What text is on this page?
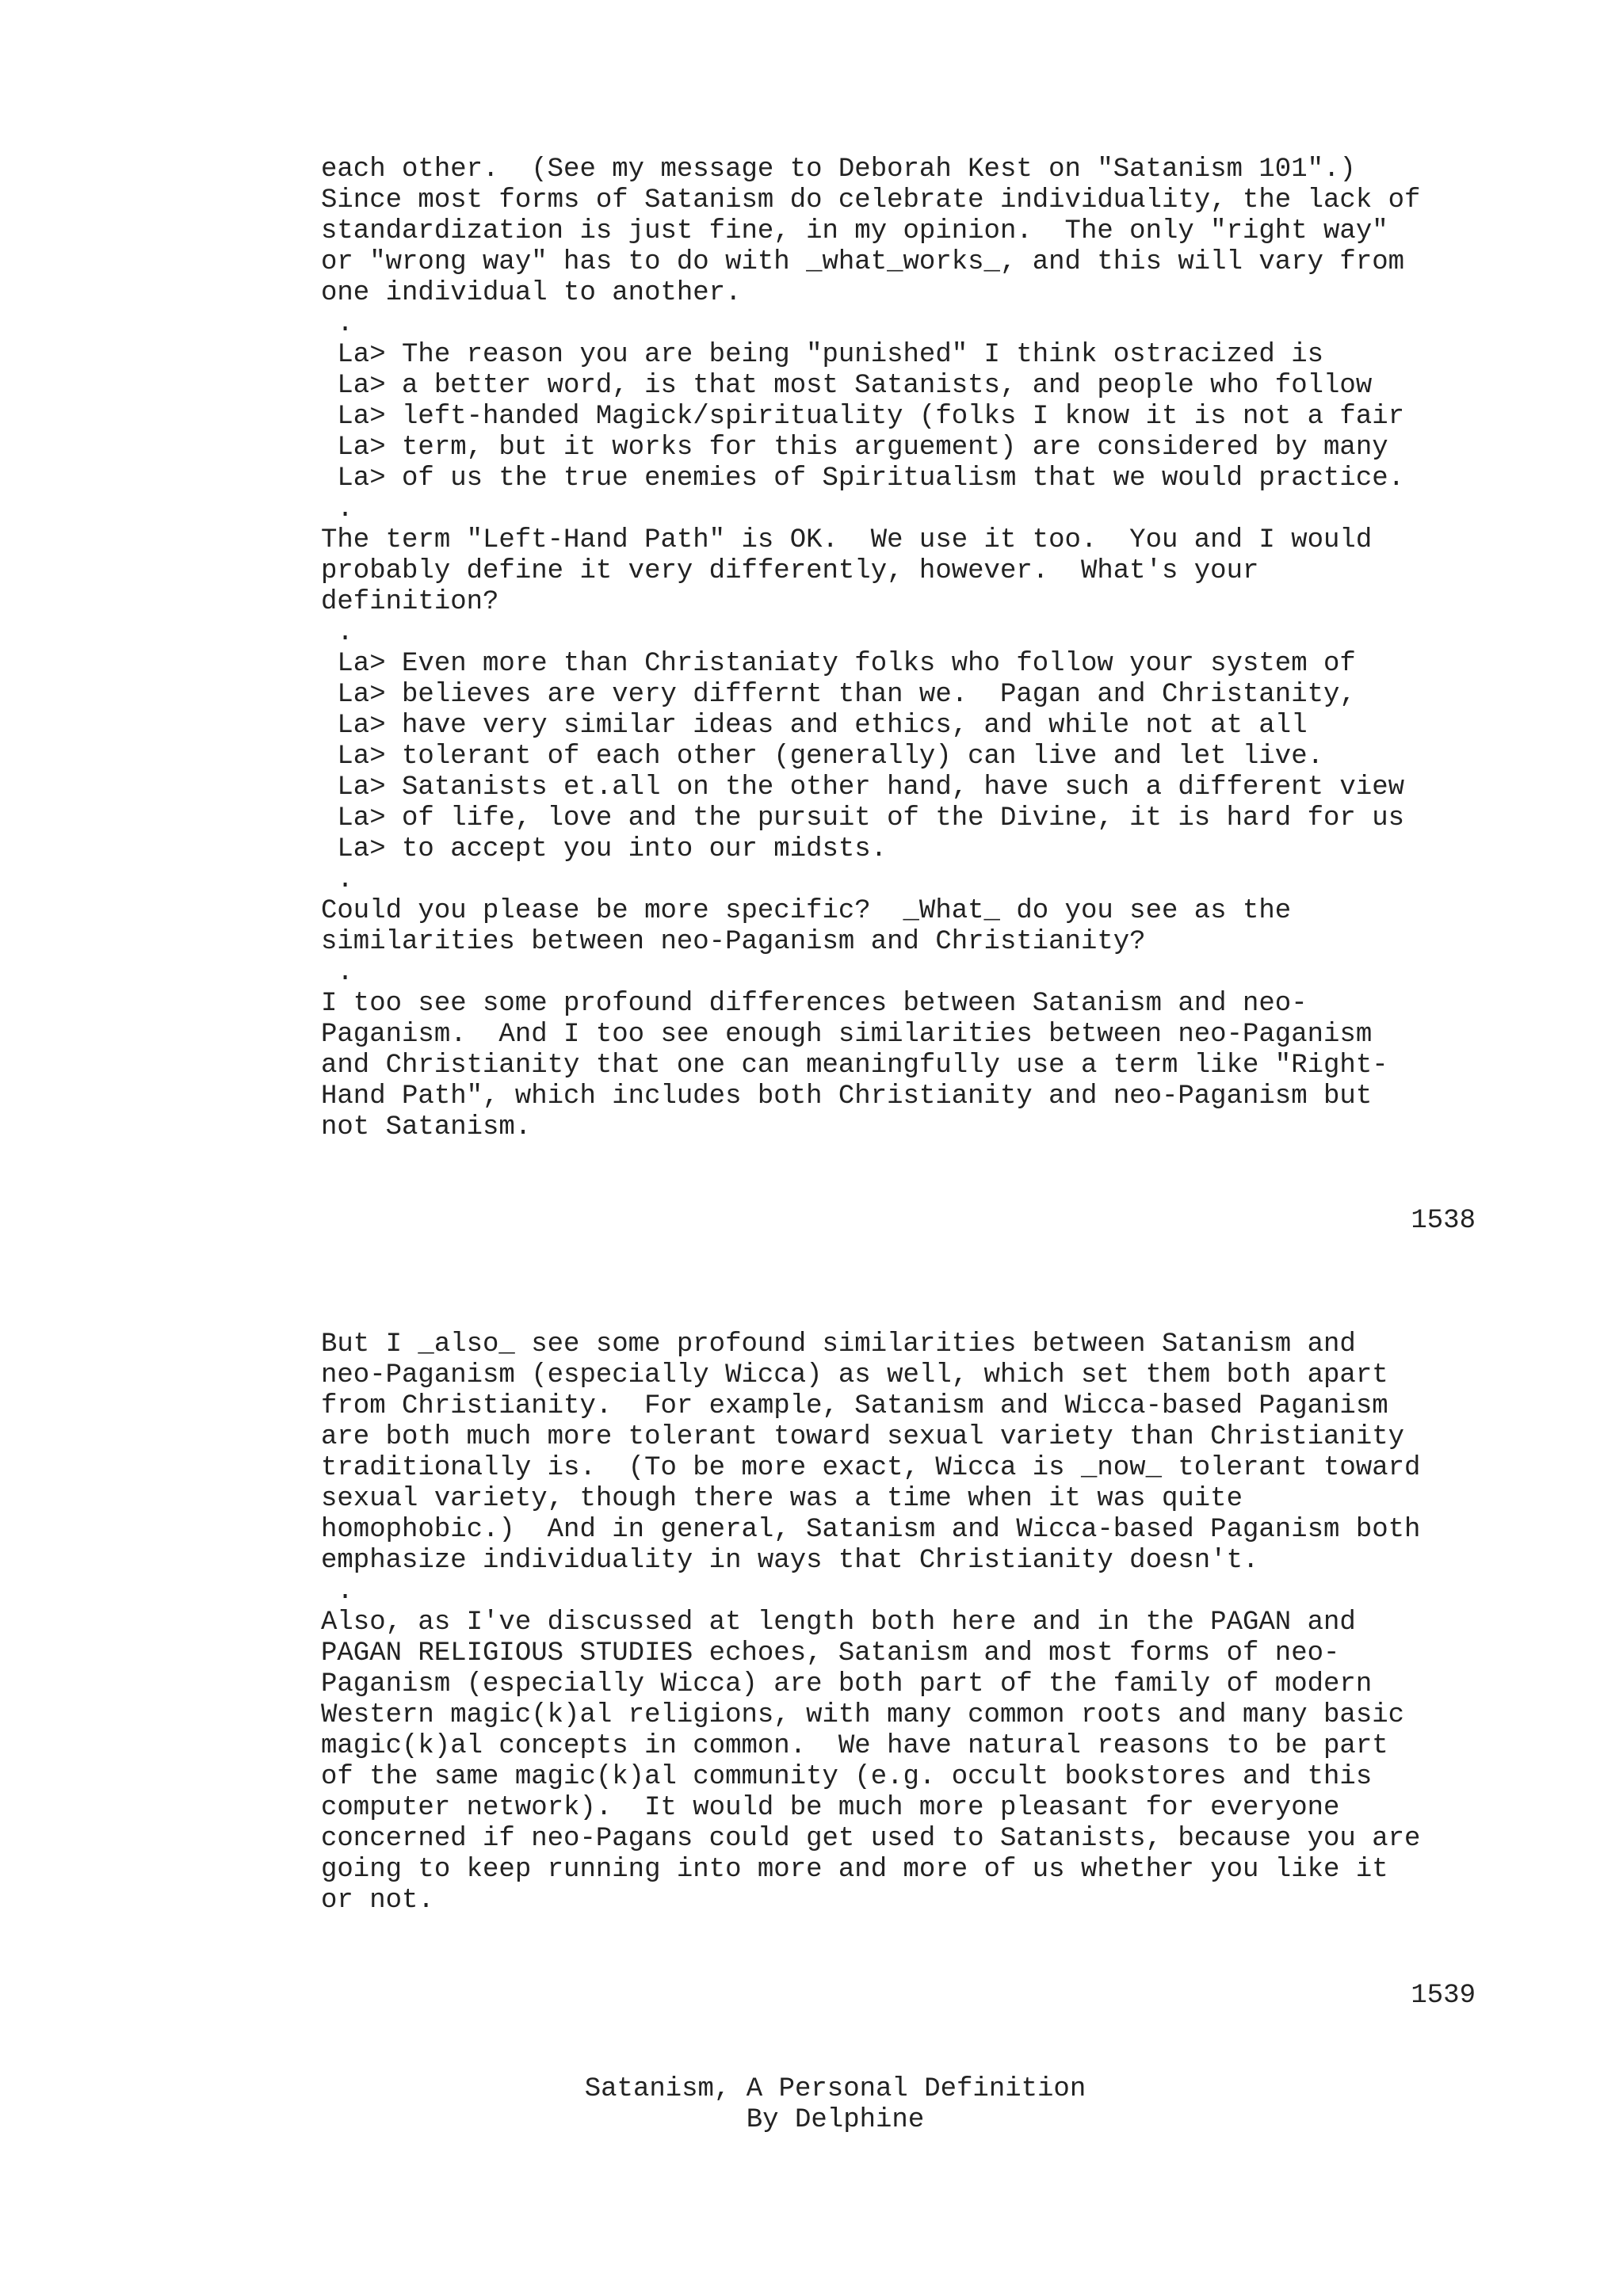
each other.  (See my message to Deborah Kest on "Satanism 101".)
Since most forms of Satanism do celebrate individuality, the lack of
standardization is just fine, in my opinion.  The only "right way"
or "wrong way" has to do with _what_works_, and this will vary from
one individual to another.
.
La> The reason you are being "punished" I think ostracized is
La> a better word, is that most Satanists, and people who follow
La> left-handed Magick/spirituality (folks I know it is not a fair
La> term, but it works for this arguement) are considered by many
La> of us the true enemies of Spiritualism that we would practice.
.
The term "Left-Hand Path" is OK.  We use it too.  You and I would
probably define it very differently, however.  What's your
definition?
.
La> Even more than Christaniaty folks who follow your system of
La> believes are very differnt than we.  Pagan and Christanity,
La> have very similar ideas and ethics, and while not at all
La> tolerant of each other (generally) can live and let live.
La> Satanists et.all on the other hand, have such a different view
La> of life, love and the pursuit of the Divine, it is hard for us
La> to accept you into our midsts.
.
Could you please be more specific?  _What_ do you see as the
similarities between neo-Paganism and Christianity?
.
I too see some profound differences between Satanism and neo-
Paganism.  And I too see enough similarities between neo-Paganism
and Christianity that one can meaningfully use a term like "Right-
Hand Path", which includes both Christianity and neo-Paganism but
not Satanism.
1538
But I _also_ see some profound similarities between Satanism and
neo-Paganism (especially Wicca) as well, which set them both apart
from Christianity.  For example, Satanism and Wicca-based Paganism
are both much more tolerant toward sexual variety than Christianity
traditionally is.  (To be more exact, Wicca is _now_ tolerant toward
sexual variety, though there was a time when it was quite
homophobic.)  And in general, Satanism and Wicca-based Paganism both
emphasize individuality in ways that Christianity doesn't.
.
Also, as I've discussed at length both here and in the PAGAN and
PAGAN RELIGIOUS STUDIES echoes, Satanism and most forms of neo-
Paganism (especially Wicca) are both part of the family of modern
Western magic(k)al religions, with many common roots and many basic
magic(k)al concepts in common.  We have natural reasons to be part
of the same magic(k)al community (e.g. occult bookstores and this
computer network).  It would be much more pleasant for everyone
concerned if neo-Pagans could get used to Satanists, because you are
going to keep running into more and more of us whether you like it
or not.
1539
Satanism, A Personal Definition
By Delphine
